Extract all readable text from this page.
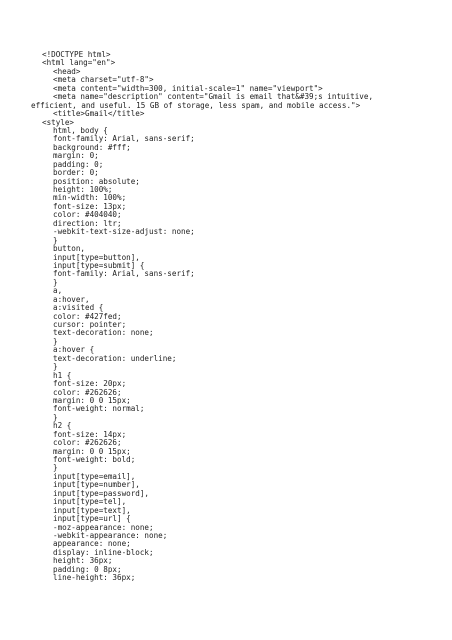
<!DOCTYPE html>
<html lang="en">
<head>
<meta charset="utf-8">
<meta content="width=300, initial-scale=1" name="viewport">
<meta name="description" content="Gmail is email that&#39;s intuitive,
efficient, and useful. 15 GB of storage, less spam, and mobile access.">
<title>Gmail</title>
<style>
html, body {
font-family: Arial, sans-serif;
background: #fff;
margin: 0;
padding: 0;
border: 0;
position: absolute;
height: 100%;
min-width: 100%;
font-size: 13px;
color: #404040;
direction: ltr;
-webkit-text-size-adjust: none;
}
button,
input[type=button],
input[type=submit] {
font-family: Arial, sans-serif;
}
a,
a:hover,
a:visited {
color: #427fed;
cursor: pointer;
text-decoration: none;
}
a:hover {
text-decoration: underline;
}
h1 {
font-size: 20px;
color: #262626;
margin: 0 0 15px;
font-weight: normal;
}
h2 {
font-size: 14px;
color: #262626;
margin: 0 0 15px;
font-weight: bold;
}
input[type=email],
input[type=number],
input[type=password],
input[type=tel],
input[type=text],
input[type=url] {
-moz-appearance: none;
-webkit-appearance: none;
appearance: none;
display: inline-block;
height: 36px;
padding: 0 8px;
line-height: 36px;
